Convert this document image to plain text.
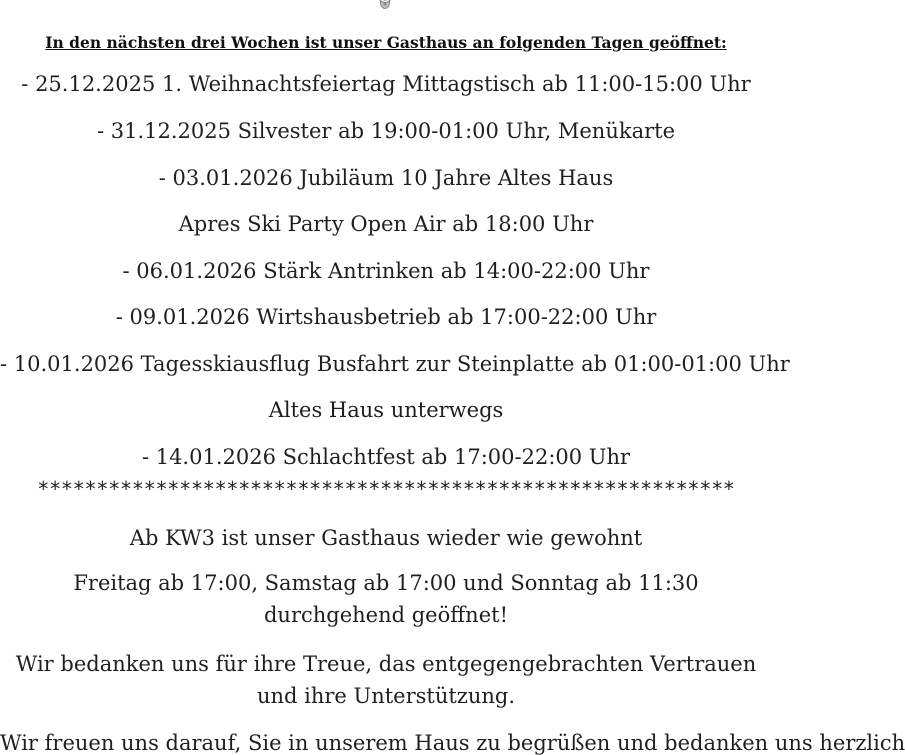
In den nächsten drei Wochen ist unser Gasthaus an folgenden Tagen geöffnet:
- 25.12.2025 1. Weihnachtsfeiertag Mittagstisch ab 11:00-15:00 Uhr
- 31.12.2025 Silvester ab 19:00-01:00 Uhr, Menükarte
- 03.01.2026 Jubiläum 10 Jahre Altes Haus
Apres Ski Party Open Air ab 18:00 Uhr
- 06.01.2026 Stärk Antrinken ab 14:00-22:00 Uhr
- 09.01.2026 Wirtshausbetrieb ab 17:00-22:00 Uhr
- 10.01.2026 Tagesskiausflug Busfahrt zur Steinplatte ab 01:00-01:00 Uhr
Altes Haus unterwegs
- 14.01.2026 Schlachtfest ab 17:00-22:00 Uhr
***********************************************************
Ab KW3 ist unser Gasthaus wieder wie gewohnt
Freitag ab 17:00, Samstag ab 17:00 und Sonntag ab 11:30 durchgehend geöffnet!
Wir bedanken uns für ihre Treue, das entgegengebrachten Vertrauen und ihre Unterstützung.
Wir freuen uns darauf, Sie in unserem Haus zu begrüßen und bedanken uns herzlich
